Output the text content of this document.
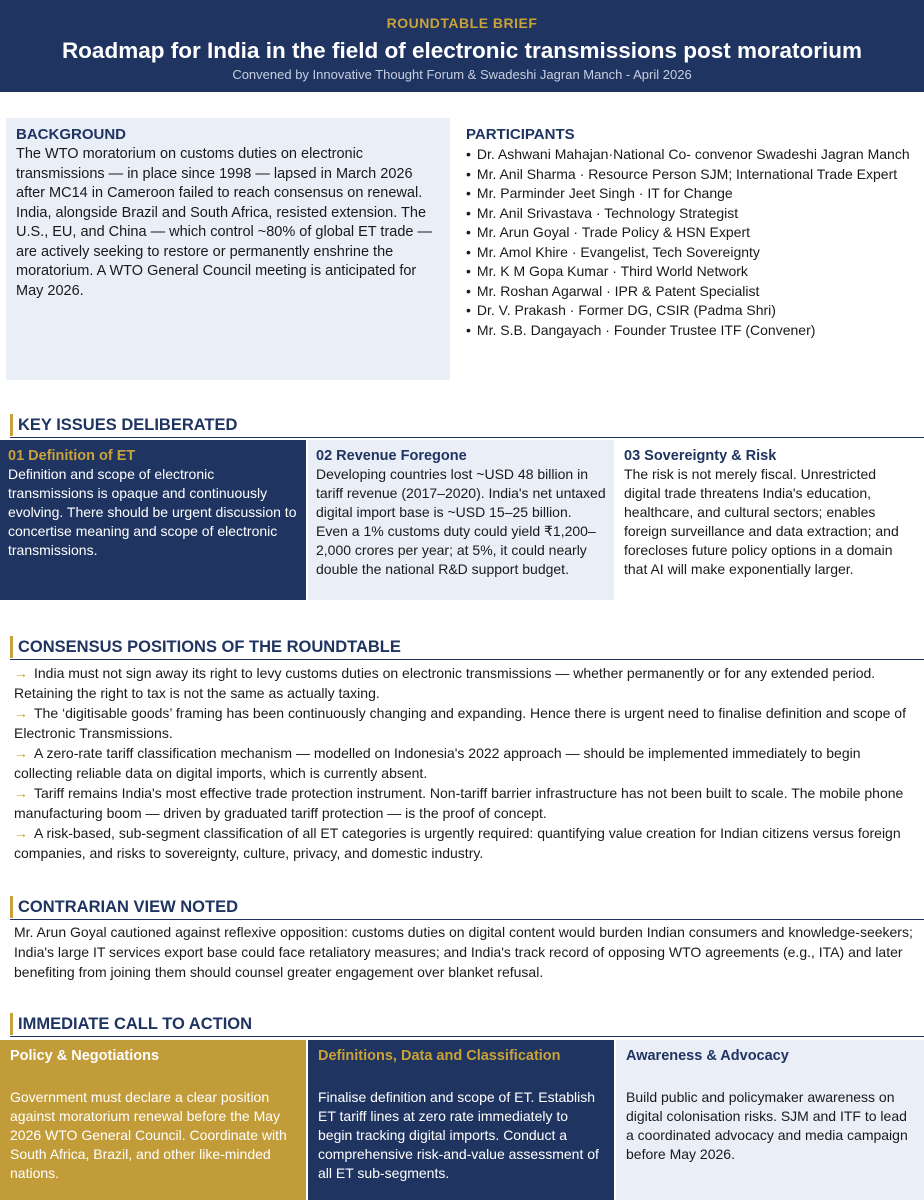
ROUNDTABLE BRIEF
Roadmap for India in the field of electronic transmissions post moratorium
Convened by Innovative Thought Forum & Swadeshi Jagran Manch - April 2026
BACKGROUND
The WTO moratorium on customs duties on electronic transmissions — in place since 1998 — lapsed in March 2026 after MC14 in Cameroon failed to reach consensus on renewal. India, alongside Brazil and South Africa, resisted extension. The U.S., EU, and China — which control ~80% of global ET trade — are actively seeking to restore or permanently enshrine the moratorium. A WTO General Council meeting is anticipated for May 2026.
PARTICIPANTS
• Dr. Ashwani Mahajan·National Co- convenor Swadeshi Jagran Manch
• Mr. Anil Sharma · Resource Person SJM; International Trade Expert
• Mr. Parminder Jeet Singh · IT for Change
• Mr. Anil Srivastava · Technology Strategist
• Mr. Arun Goyal · Trade Policy & HSN Expert
• Mr. Amol Khire · Evangelist, Tech Sovereignty
• Mr. K M Gopa Kumar · Third World Network
• Mr. Roshan Agarwal · IPR & Patent Specialist
• Dr. V. Prakash · Former DG, CSIR (Padma Shri)
• Mr. S.B. Dangayach · Founder Trustee ITF (Convener)
KEY ISSUES DELIBERATED
01 Definition of ET
Definition and scope of electronic transmissions is opaque and continuously evolving. There should be urgent discussion to concertise meaning and scope of electronic transmissions.
02 Revenue Foregone
Developing countries lost ~USD 48 billion in tariff revenue (2017–2020). India's net untaxed digital import base is ~USD 15–25 billion. Even a 1% customs duty could yield ₹1,200–2,000 crores per year; at 5%, it could nearly double the national R&D support budget.
03 Sovereignty & Risk
The risk is not merely fiscal. Unrestricted digital trade threatens India's education, healthcare, and cultural sectors; enables foreign surveillance and data extraction; and forecloses future policy options in a domain that AI will make exponentially larger.
CONSENSUS POSITIONS OF THE ROUNDTABLE
→ India must not sign away its right to levy customs duties on electronic transmissions — whether permanently or for any extended period. Retaining the right to tax is not the same as actually taxing.
→ The ‘digitisable goods’ framing has been continuously changing and expanding. Hence there is urgent need to finalise definition and scope of Electronic Transmissions.
→ A zero-rate tariff classification mechanism — modelled on Indonesia's 2022 approach — should be implemented immediately to begin collecting reliable data on digital imports, which is currently absent.
→ Tariff remains India's most effective trade protection instrument. Non-tariff barrier infrastructure has not been built to scale. The mobile phone manufacturing boom — driven by graduated tariff protection — is the proof of concept.
→ A risk-based, sub-segment classification of all ET categories is urgently required: quantifying value creation for Indian citizens versus foreign companies, and risks to sovereignty, culture, privacy, and domestic industry.
CONTRARIAN VIEW NOTED
Mr. Arun Goyal cautioned against reflexive opposition: customs duties on digital content would burden Indian consumers and knowledge-seekers; India's large IT services export base could face retaliatory measures; and India's track record of opposing WTO agreements (e.g., ITA) and later benefiting from joining them should counsel greater engagement over blanket refusal.
IMMEDIATE CALL TO ACTION
Policy & Negotiations
Government must declare a clear position against moratorium renewal before the May 2026 WTO General Council. Coordinate with South Africa, Brazil, and other like-minded nations.
Definitions, Data and Classification
Finalise definition and scope of ET. Establish ET tariff lines at zero rate immediately to begin tracking digital imports. Conduct a comprehensive risk-and-value assessment of all ET sub-segments.
Awareness & Advocacy
Build public and policymaker awareness on digital colonisation risks. SJM and ITF to lead a coordinated advocacy and media campaign before May 2026.
